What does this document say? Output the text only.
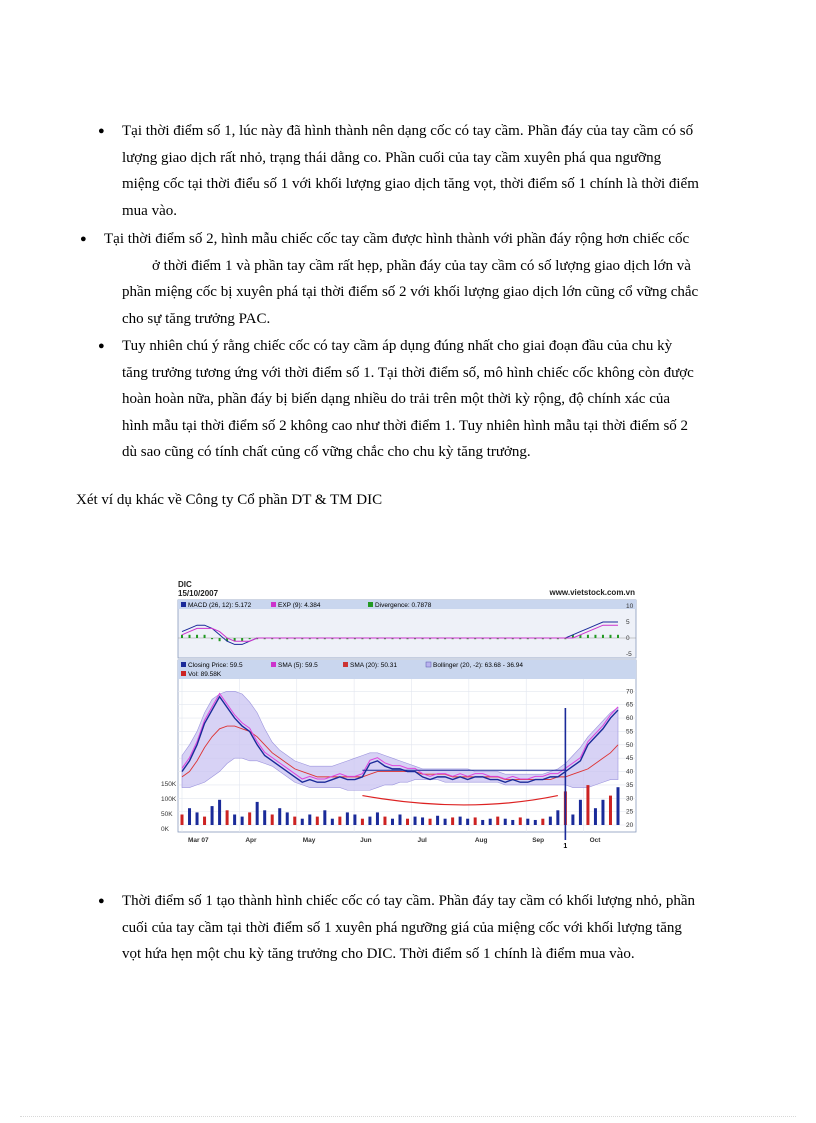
● Tại thời điểm số 1, lúc này đã hình thành nên dạng cốc có tay cầm. Phần đáy của tay cầm có số
lượng giao dịch rất nhỏ, trạng thái dằng co. Phần cuối của tay cầm xuyên phá qua ngưỡng
miệng cốc tại thời điểu số 1 với khối lượng giao dịch tăng vọt, thời điểm số 1 chính là thời điểm
mua vào.
● Tại thời điểm số 2, hình mẫu chiếc cốc tay cầm được hình thành với phần đáy rộng hơn chiếc cốc
ở thời điểm 1 và phần tay cầm rất hẹp, phần đáy của tay cầm có số lượng giao dịch lớn và
phần miệng cốc bị xuyên phá tại thời điểm số 2 với khối lượng giao dịch lớn cũng cổ vững chắc
cho sự tăng trưởng PAC.
● Tuy nhiên chú ý rằng chiếc cốc có tay cầm áp dụng đúng nhất cho giai đoạn đầu của chu kỳ
tăng trưởng tương ứng với thời điểm số 1. Tại thời điểm số, mô hình chiếc cốc không còn được
hoàn hoàn nữa, phần đáy bị biến dạng nhiều do trải trên một thời kỳ rộng, độ chính xác của
hình mẫu tại thời điểm số 2 không cao như thời điểm 1. Tuy nhiên hình mẫu tại thời điểm số 2
dù sao cũng có tính chất củng cố vững chắc cho chu kỳ tăng trưởng.
Xét ví dụ khác về Công ty Cổ phần DT & TM DIC
DIC
15/10/2007	www.vietstock.com.vn
MACD (26, 12): 5.172	EXP (9): 4.384	Divergence: 0.7878	10
5
0
-5
Closing Price: 59.5	SMA (5): 59.5	SMA (20): 50.31	Bollinger (20, -2): 63.68 - 36.94
Vol: 89.58K
70
65
60
55
50
45
40
35
30
25
20
150K
100K
50K
0K
Mar 07	Apr	May	Jun	Jul	Aug	Sep	Oct
1
● Thời điểm số 1 tạo thành hình chiếc cốc có tay cầm. Phần đáy tay cầm có khối lượng nhỏ, phần
cuối của tay cầm tại thời điểm số 1 xuyên phá ngưỡng giá của miệng cốc với khối lượng tăng
vọt hứa hẹn một chu kỳ tăng trưởng cho DIC. Thời điểm số 1 chính là điểm mua vào.
